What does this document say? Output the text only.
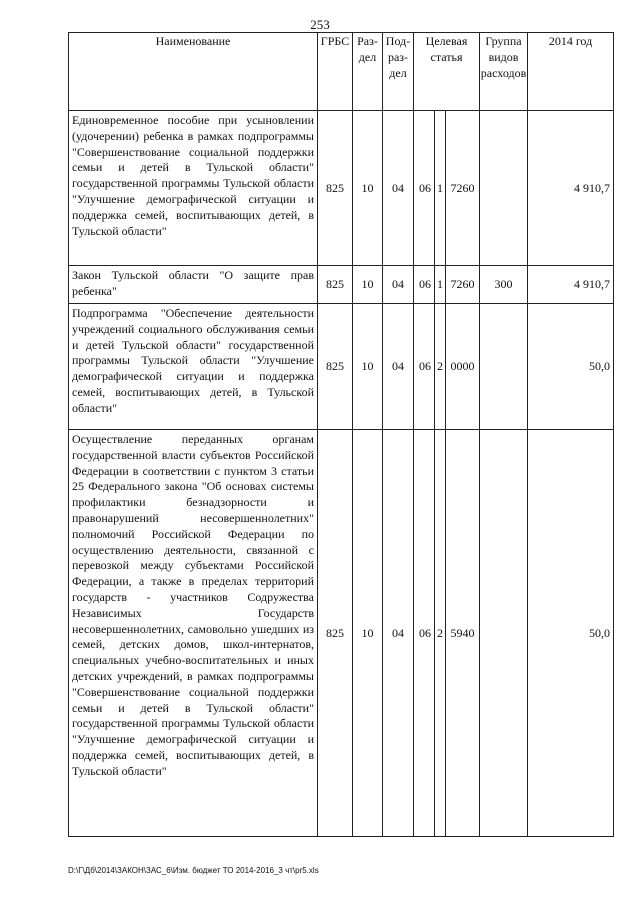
253
Наименование	ГРБС	Раз-дел	Под-раз-дел	Целевая статья			Группа видов расходов	2014 год
Единовременное пособие при усыновлении (удочерении) ребенка в рамках подпрограммы "Совершенствование социальной поддержки семьи и детей в Тульской области" государственной программы Тульской области "Улучшение демографической ситуации и поддержка семей, воспитывающих детей, в Тульской области"	825	10	04	06	1	7260		4 910,7
Закон Тульской области "О защите прав ребенка"	825	10	04	06	1	7260	300	4 910,7
Подпрограмма "Обеспечение деятельности учреждений социального обслуживания семьи и детей Тульской области" государственной программы Тульской области "Улучшение демографической ситуации и поддержка семей, воспитывающих детей, в Тульской области"	825	10	04	06	2	0000		50,0
Осуществление переданных органам государственной власти субъектов Российской Федерации в соответствии с пунктом 3 статьи 25 Федерального закона "Об основах системы профилактики безнадзорности и правонарушений несовершеннолетних" полномочий Российской Федерации по осуществлению деятельности, связанной с перевозкой между субъектами Российской Федерации, а также в пределах территорий государств - участников Содружества Независимых Государств несовершеннолетних, самовольно ушедших из семей, детских домов, школ-интернатов, специальных учебно-воспитательных и иных детских учреждений, в рамках подпрограммы "Совершенствование социальной поддержки семьи и детей в Тульской области" государственной программы Тульской области "Улучшение демографической ситуации и поддержка семей, воспитывающих детей, в Тульской области"	825	10	04	06	2	5940		50,0
D:\Г\Дб\2014\ЗАКОН\ЗАС_6\Изм. бюджет ТО 2014-2016_3 чт\pr5.xls
